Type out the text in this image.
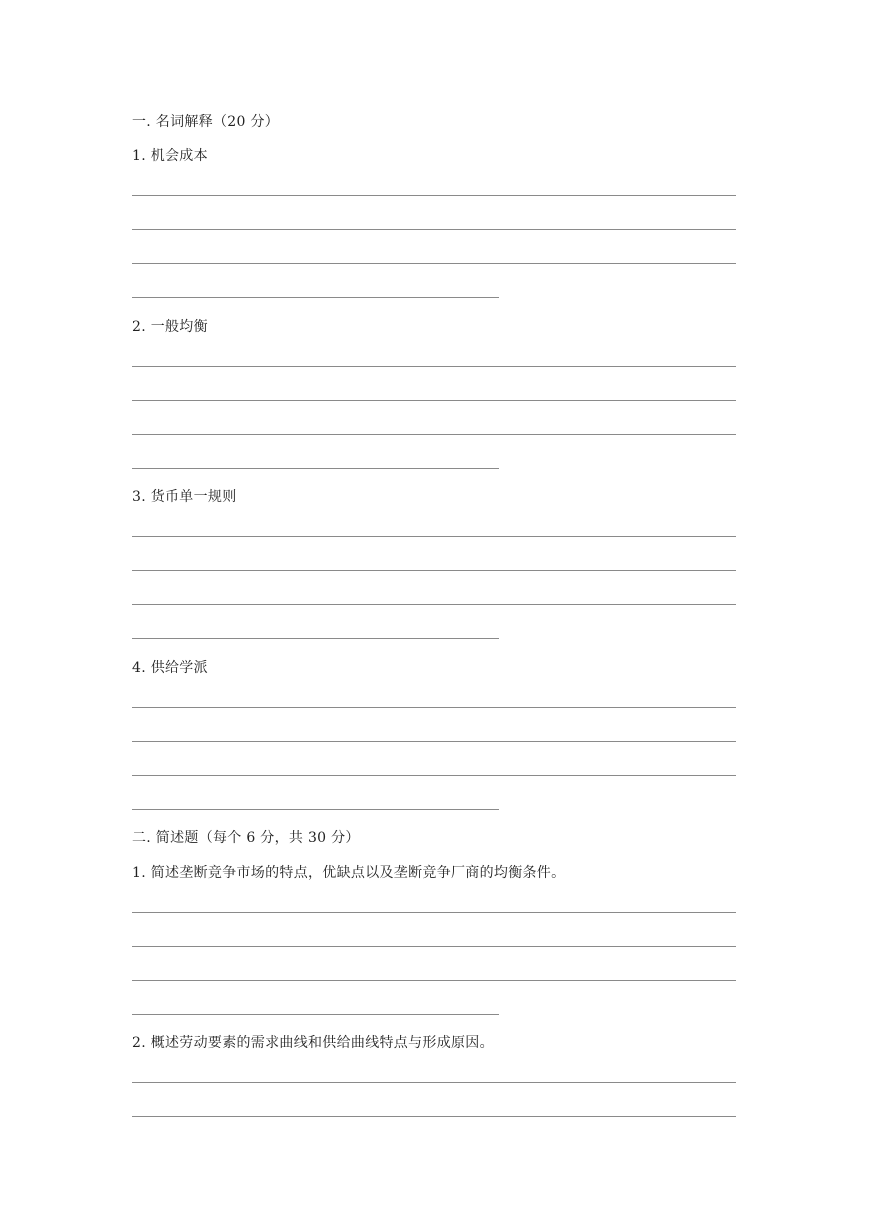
一. 名词解释（20 分）
1. 机会成本
2. 一般均衡
3. 货币单一规则
4. 供给学派
二. 简述题（每个 6 分，共 30 分）
1. 简述垄断竞争市场的特点，优缺点以及垄断竞争厂商的均衡条件。
2. 概述劳动要素的需求曲线和供给曲线特点与形成原因。
